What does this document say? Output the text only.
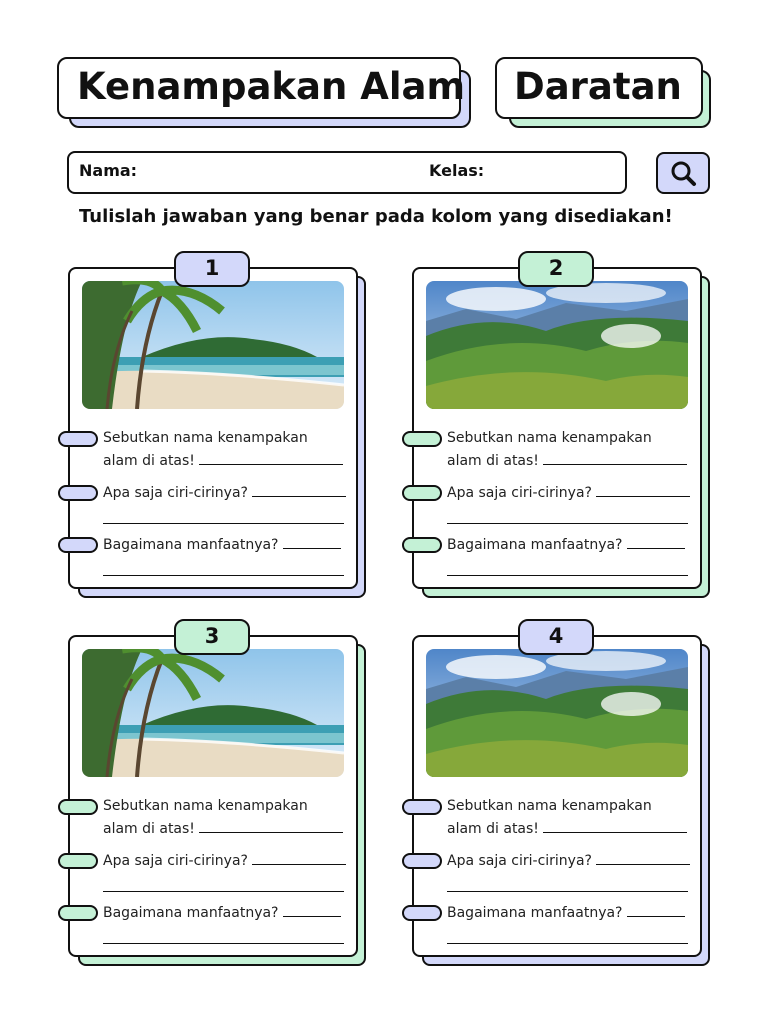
Kenampakan Alam Daratan
Nama:	Kelas:
Tulislah jawaban yang benar pada kolom yang disediakan!
Sebutkan nama kenampakan
alam di atas!
Apa saja ciri-cirinya?
Bagaimana manfaatnya?
1
Sebutkan nama kenampakan
alam di atas!
Apa saja ciri-cirinya?
Bagaimana manfaatnya?
2
Sebutkan nama kenampakan
alam di atas!
Apa saja ciri-cirinya?
Bagaimana manfaatnya?
3
Sebutkan nama kenampakan
alam di atas!
Apa saja ciri-cirinya?
Bagaimana manfaatnya?
4
